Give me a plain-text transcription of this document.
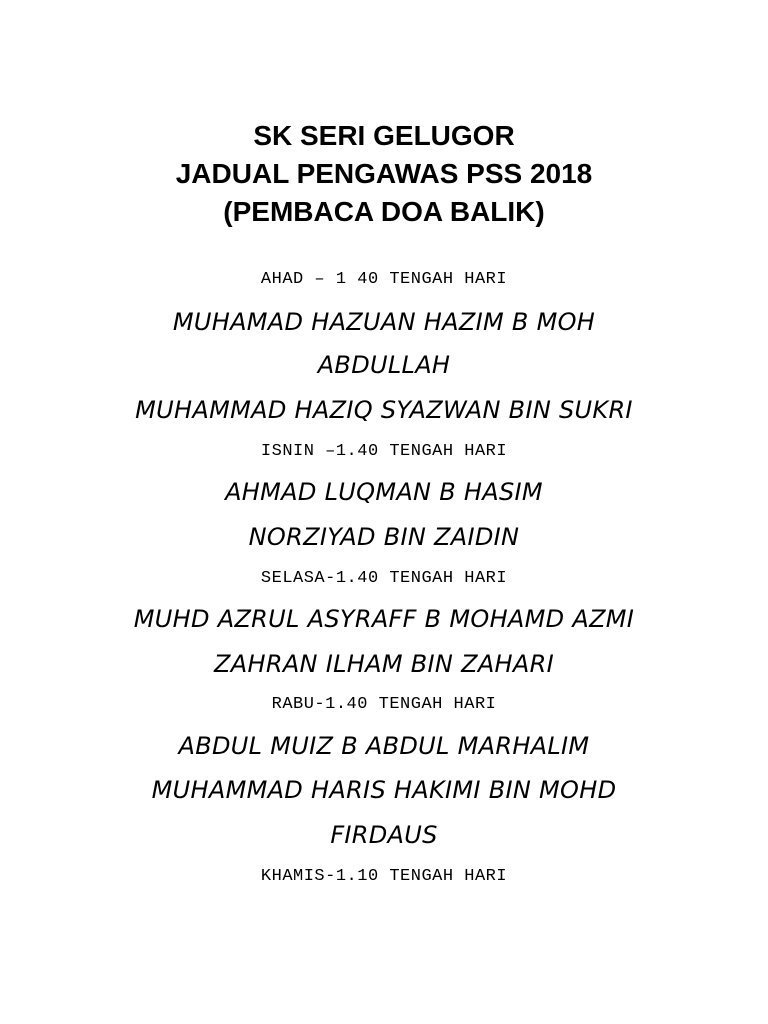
SK SERI GELUGOR
JADUAL PENGAWAS PSS 2018
(PEMBACA DOA BALIK)
AHAD – 1 40 TENGAH HARI
MUHAMAD HAZUAN HAZIM B MOH
ABDULLAH
MUHAMMAD HAZIQ SYAZWAN BIN SUKRI
ISNIN –1.40 TENGAH HARI
AHMAD LUQMAN B HASIM
NORZIYAD BIN ZAIDIN
SELASA-1.40 TENGAH HARI
MUHD AZRUL ASYRAFF B MOHAMD AZMI
ZAHRAN ILHAM BIN ZAHARI
RABU-1.40 TENGAH HARI
ABDUL MUIZ B ABDUL MARHALIM
MUHAMMAD HARIS HAKIMI BIN MOHD
FIRDAUS
KHAMIS-1.10 TENGAH HARI
